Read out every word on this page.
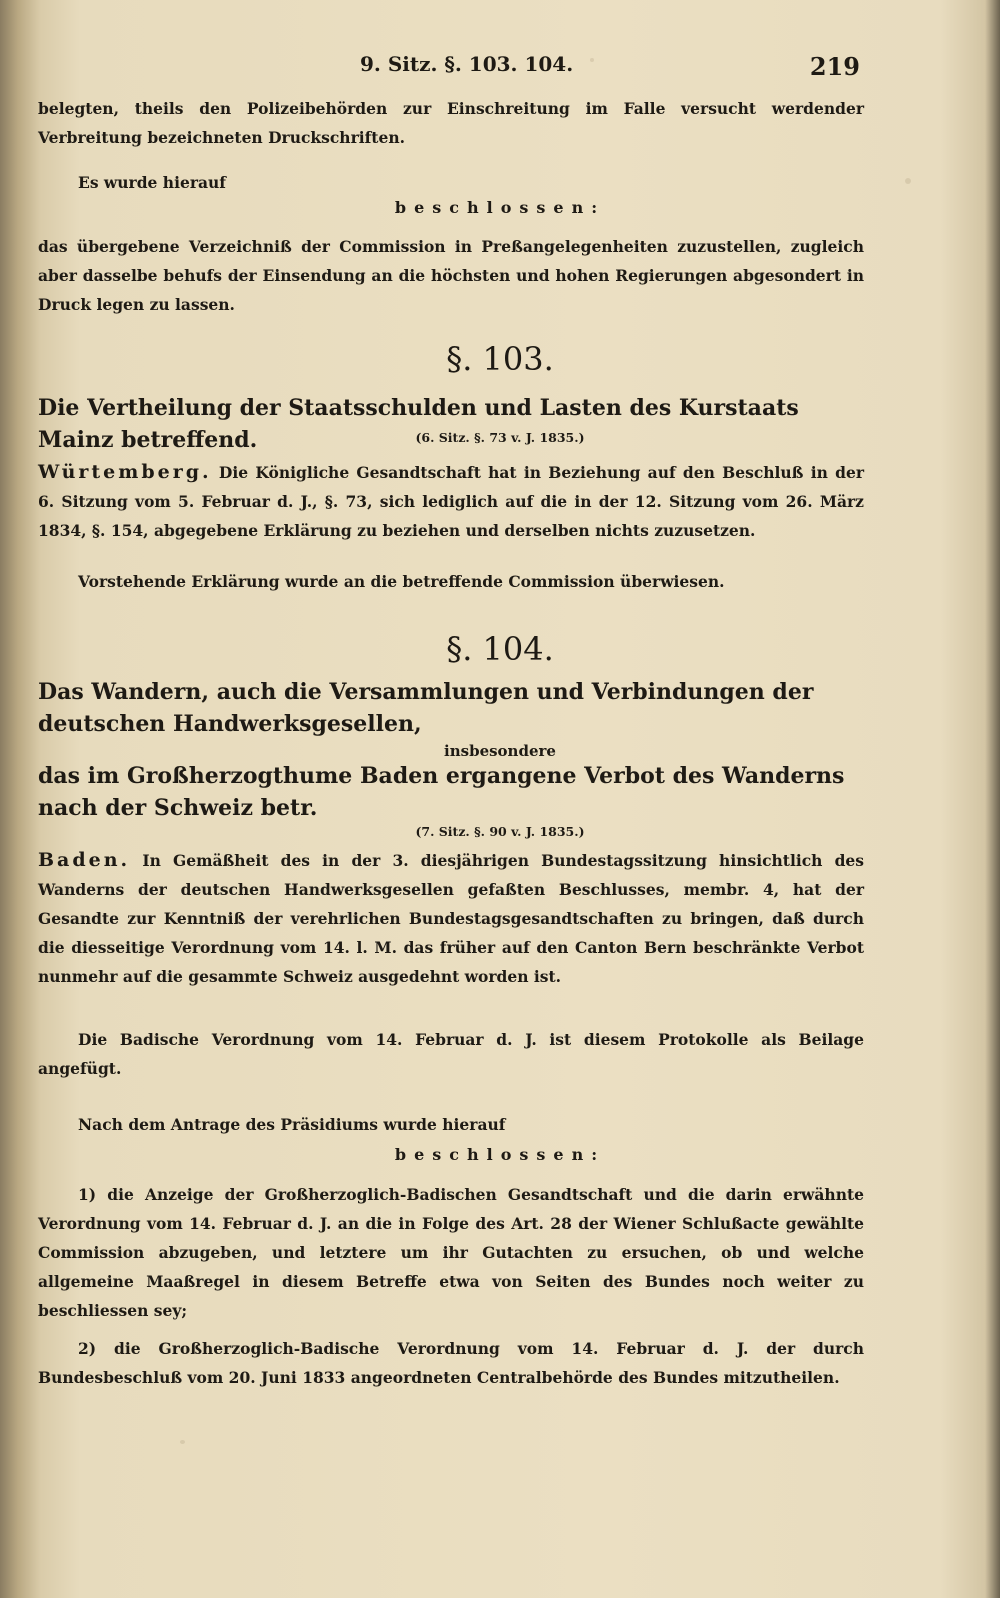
9. Sitz. §. 103. 104.	219
belegten, theils den Polizeibehörden zur Einschreitung im Falle versucht werdender Verbreitung bezeichneten Druckschriften.
Es wurde hierauf
beschlossen:
das übergebene Verzeichniß der Commission in Preßangelegenheiten zuzustellen, zugleich aber dasselbe behufs der Einsendung an die höchsten und hohen Regierungen abgesondert in Druck legen zu lassen.
§. 103.
Die Vertheilung der Staatsschulden und Lasten des Kurstaats Mainz betreffend.	(6. Sitz. §. 73 v. J. 1835.)
Würtemberg. Die Königliche Gesandtschaft hat in Beziehung auf den Beschluß in der 6. Sitzung vom 5. Februar d. J., §. 73, sich lediglich auf die in der 12. Sitzung vom 26. März 1834, §. 154, abgegebene Erklärung zu beziehen und derselben nichts zuzusetzen.
Vorstehende Erklärung wurde an die betreffende Commission überwiesen.
§. 104.
Das Wandern, auch die Versammlungen und Verbindungen der deutschen Handwerksgesellen,
insbesondere
das im Großherzogthume Baden ergangene Verbot des Wanderns nach der Schweiz betr.
(7. Sitz. §. 90 v. J. 1835.)
Baden. In Gemäßheit des in der 3. diesjährigen Bundestagssitzung hinsichtlich des Wanderns der deutschen Handwerksgesellen gefaßten Beschlusses, membr. 4, hat der Gesandte zur Kenntniß der verehrlichen Bundestagsgesandtschaften zu bringen, daß durch die diesseitige Verordnung vom 14. l. M. das früher auf den Canton Bern beschränkte Verbot nunmehr auf die gesammte Schweiz ausgedehnt worden ist.
Die Badische Verordnung vom 14. Februar d. J. ist diesem Protokolle als Beilage angefügt.
Nach dem Antrage des Präsidiums wurde hierauf
beschlossen:
1) die Anzeige der Großherzoglich-Badischen Gesandtschaft und die darin erwähnte Verordnung vom 14. Februar d. J. an die in Folge des Art. 28 der Wiener Schlußacte gewählte Commission abzugeben, und letztere um ihr Gutachten zu ersuchen, ob und welche allgemeine Maaßregel in diesem Betreffe etwa von Seiten des Bundes noch weiter zu beschliessen sey;
2) die Großherzoglich-Badische Verordnung vom 14. Februar d. J. der durch Bundesbeschluß vom 20. Juni 1833 angeordneten Centralbehörde des Bundes mitzutheilen.
